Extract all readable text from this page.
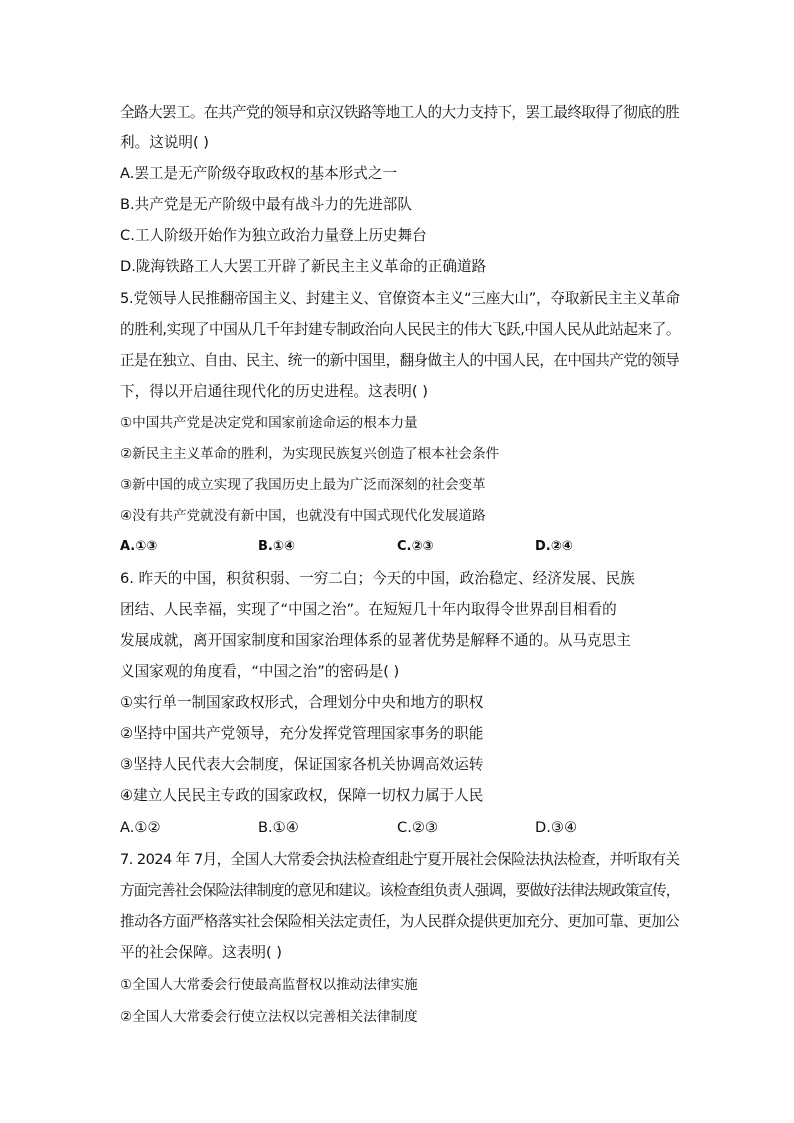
全路大罢工。在共产党的领导和京汉铁路等地工人的大力支持下，罢工最终取得了彻底的胜
利。这说明( )
A.罢工是无产阶级夺取政权的基本形式之一
B.共产党是无产阶级中最有战斗力的先进部队
C.工人阶级开始作为独立政治力量登上历史舞台
D.陇海铁路工人大罢工开辟了新民主主义革命的正确道路
5.党领导人民推翻帝国主义、封建主义、官僚资本主义“三座大山”，夺取新民主主义革命
的胜利,实现了中国从几千年封建专制政治向人民民主的伟大飞跃,中国人民从此站起来了。
正是在独立、自由、民主、统一的新中国里，翻身做主人的中国人民，在中国共产党的领导
下，得以开启通往现代化的历史进程。这表明( )
①中国共产党是决定党和国家前途命运的根本力量
②新民主主义革命的胜利，为实现民族复兴创造了根本社会条件
③新中国的成立实现了我国历史上最为广泛而深刻的社会变革
④没有共产党就没有新中国，也就没有中国式现代化发展道路
A.①③	B.①④	C.②③	D.②④
6. 昨天的中国，积贫积弱、一穷二白；今天的中国，政治稳定、经济发展、民族
团结、人民幸福，实现了“中国之治”。在短短几十年内取得令世界刮目相看的
发展成就，离开国家制度和国家治理体系的显著优势是解释不通的。从马克思主
义国家观的角度看，“中国之治”的密码是( )
①实行单一制国家政权形式，合理划分中央和地方的职权
②坚持中国共产党领导，充分发挥党管理国家事务的职能
③坚持人民代表大会制度，保证国家各机关协调高效运转
④建立人民民主专政的国家政权，保障一切权力属于人民
A.①②	B.①④	C.②③	D.③④
7. 2024 年 7月，全国人大常委会执法检查组赴宁夏开展社会保险法执法检查，并听取有关
方面完善社会保险法律制度的意见和建议。该检查组负责人强调，要做好法律法规政策宣传，
推动各方面严格落实社会保险相关法定责任，为人民群众提供更加充分、更加可靠、更加公
平的社会保障。这表明( )
①全国人大常委会行使最高监督权以推动法律实施
②全国人大常委会行使立法权以完善相关法律制度
